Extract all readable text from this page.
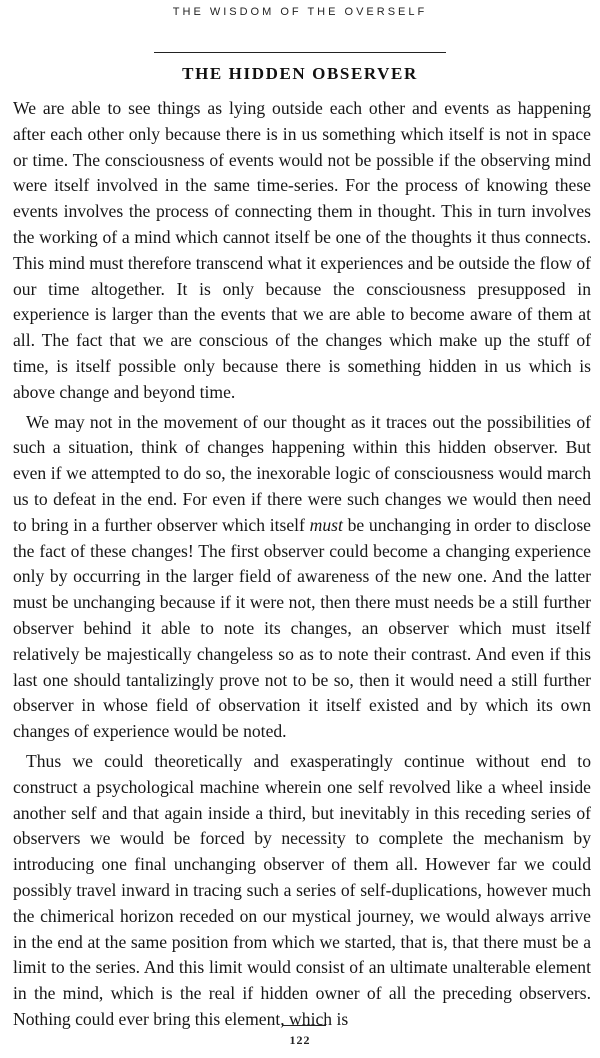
THE WISDOM OF THE OVERSELF
THE HIDDEN OBSERVER

We are able to see things as lying outside each other and events as happening after each other only because there is in us something which itself is not in space or time. The consciousness of events would not be possible if the observing mind were itself involved in the same time-series. For the process of knowing these events involves the process of connecting them in thought. This in turn involves the working of a mind which cannot itself be one of the thoughts it thus connects. This mind must therefore transcend what it experiences and be outside the flow of our time altogether. It is only because the consciousness presupposed in experience is larger than the events that we are able to become aware of them at all. The fact that we are conscious of the changes which make up the stuff of time, is itself possible only because there is something hidden in us which is above change and beyond time.

We may not in the movement of our thought as it traces out the possibilities of such a situation, think of changes happening within this hidden observer. But even if we attempted to do so, the inexorable logic of consciousness would march us to defeat in the end. For even if there were such changes we would then need to bring in a further observer which itself must be unchanging in order to disclose the fact of these changes! The first observer could become a changing experience only by occurring in the larger field of awareness of the new one. And the latter must be unchanging because if it were not, then there must needs be a still further observer behind it able to note its changes, an observer which must itself relatively be majestically changeless so as to note their contrast. And even if this last one should tantalizingly prove not to be so, then it would need a still further observer in whose field of observation it itself existed and by which its own changes of experience would be noted.

Thus we could theoretically and exasperatingly continue without end to construct a psychological machine wherein one self revolved like a wheel inside another self and that again inside a third, but inevitably in this receding series of observers we would be forced by necessity to complete the mechanism by introducing one final unchanging observer of them all. However far we could possibly travel inward in tracing such a series of self-duplications, however much the chimerical horizon receded on our mystical journey, we would always arrive in the end at the same position from which we started, that is, that there must be a limit to the series. And this limit would consist of an ultimate unalterable element in the mind, which is the real if hidden owner of all the preceding observers. Nothing could ever bring this element, which is

122
